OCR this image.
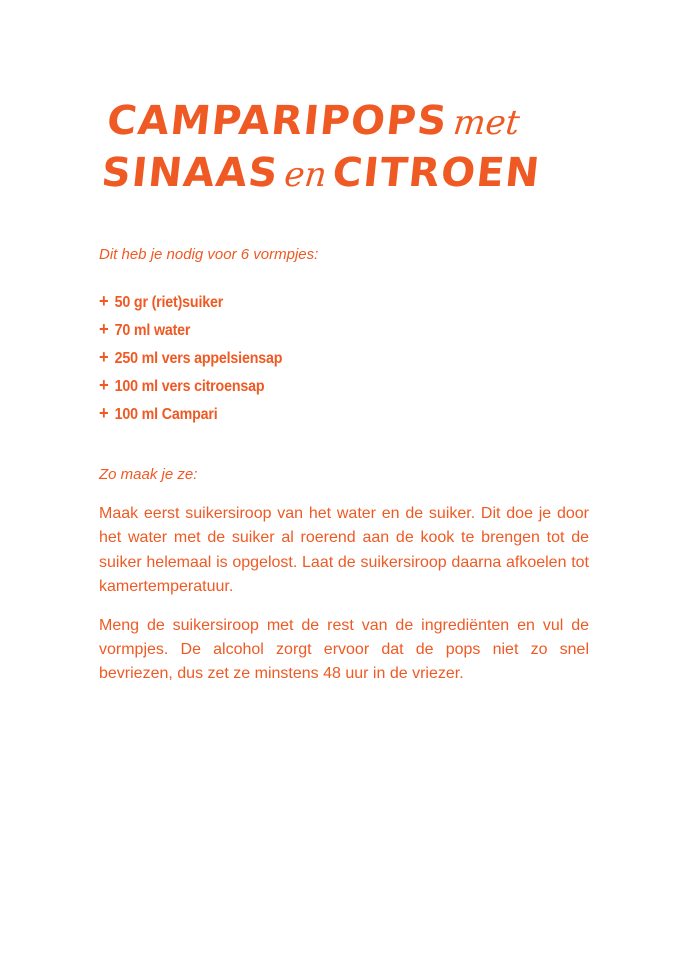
CAMPARIPOPSmet
SINAASenCITROEN

Dit heb je nodig voor 6 vormpjes:

+ 50 gr (riet)suiker
+ 70 ml water
+ 250 ml vers appelsiensap
+ 100 ml vers citroensap
+ 100 ml Campari

Zo maak je ze:

Maak eerst suikersiroop van het water en de suiker. Dit doe je door het water met de suiker al roerend aan de kook te brengen tot de suiker helemaal is opgelost. Laat de suikersiroop daarna afkoelen tot kamertemperatuur.

Meng de suikersiroop met de rest van de ingrediënten en vul de vormpjes. De alcohol zorgt ervoor dat de pops niet zo snel bevriezen, dus zet ze minstens 48 uur in de vriezer.
